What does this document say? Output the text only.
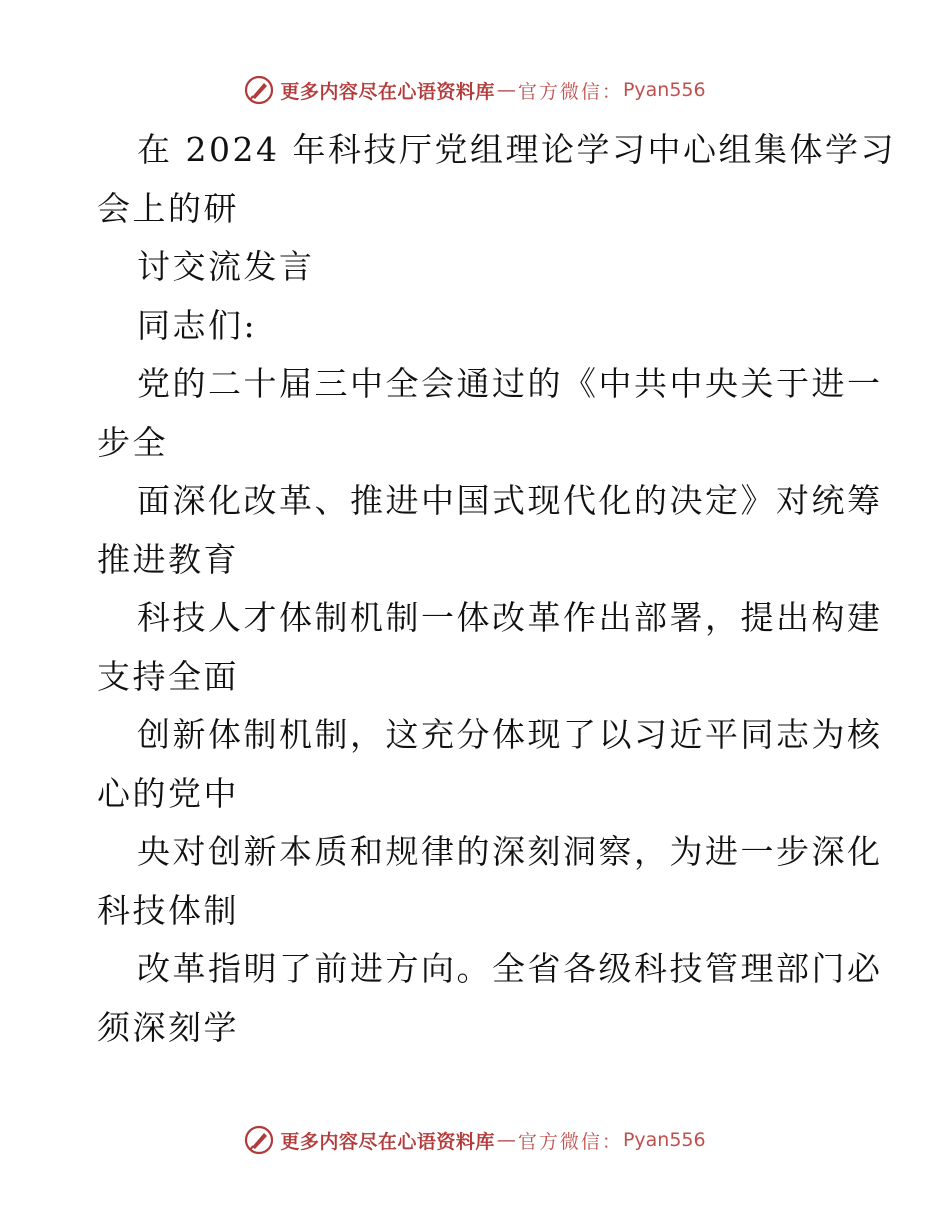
更多内容尽在心语资料库 — 官方微信： Pyan556
在 2024 年科技厅党组理论学习中心组集体学习
会上的研
讨交流发言
同志们:
党的二十届三中全会通过的《中共中央关于进一
步全
面深化改革、推进中国式现代化的决定》对统筹
推进教育
科技人才体制机制一体改革作出部署，提出构建
支持全面
创新体制机制，这充分体现了以习近平同志为核
心的党中
央对创新本质和规律的深刻洞察，为进一步深化
科技体制
改革指明了前进方向。全省各级科技管理部门必
须深刻学
更多内容尽在心语资料库 — 官方微信： Pyan556
